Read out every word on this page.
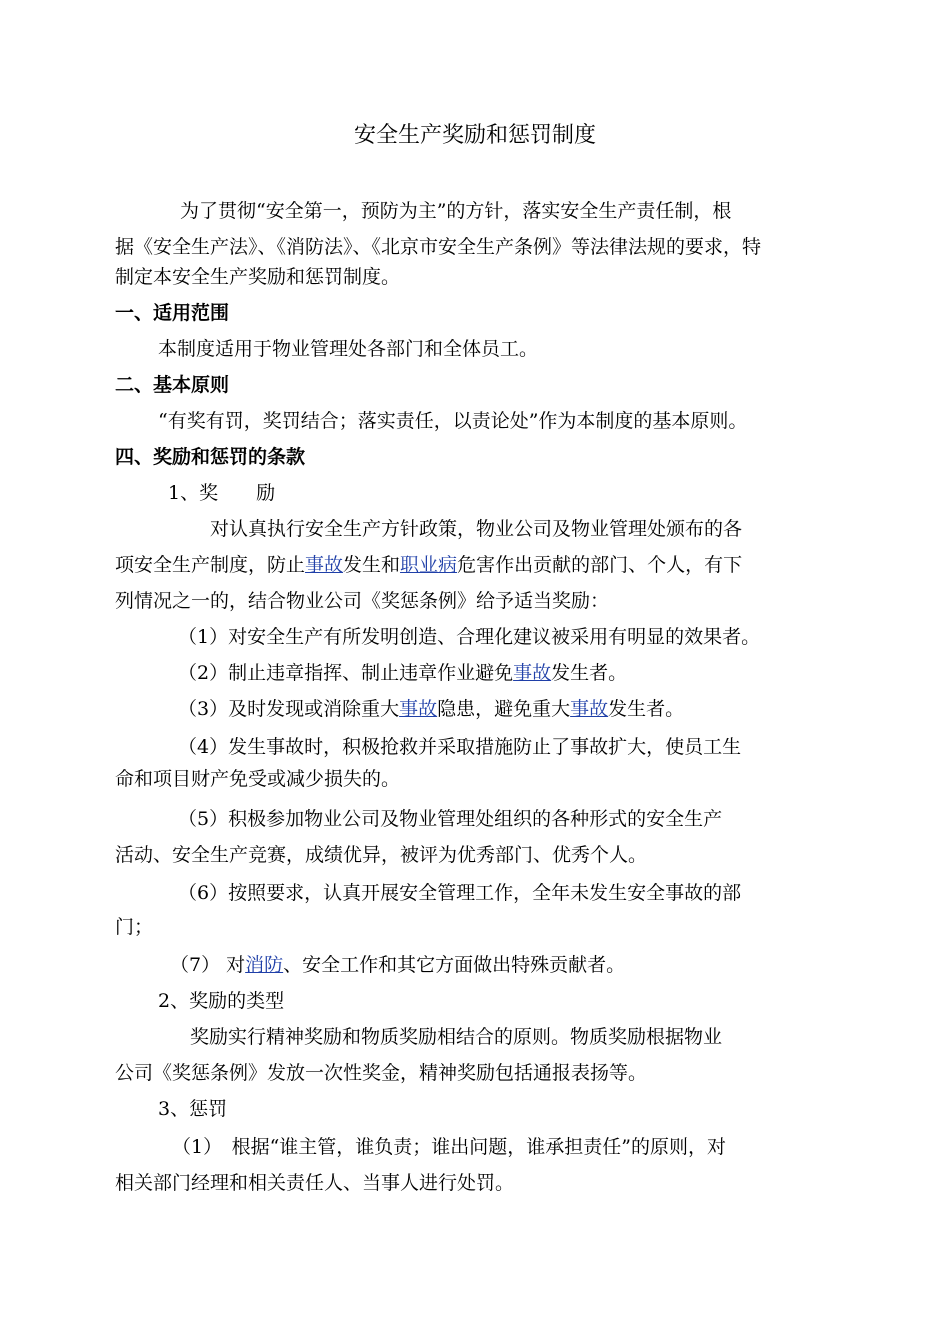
安全生产奖励和惩罚制度
为了贯彻“安全第一，预防为主”的方针，落实安全生产责任制，根
据《安全生产法》、《消防法》、《北京市安全生产条例》等法律法规的要求，特
制定本安全生产奖励和惩罚制度。
一、适用范围
本制度适用于物业管理处各部门和全体员工。
二、基本原则
“有奖有罚，奖罚结合；落实责任，以责论处”作为本制度的基本原则。
四、奖励和惩罚的条款
1、奖　　励
对认真执行安全生产方针政策，物业公司及物业管理处颁布的各
项安全生产制度，防止事故发生和职业病危害作出贡献的部门、个人，有下
列情况之一的，结合物业公司《奖惩条例》给予适当奖励：
（1）对安全生产有所发明创造、合理化建议被采用有明显的效果者。
（2）制止违章指挥、制止违章作业避免事故发生者。
（3）及时发现或消除重大事故隐患，避免重大事故发生者。
（4）发生事故时，积极抢救并采取措施防止了事故扩大，使员工生
命和项目财产免受或减少损失的。
（5）积极参加物业公司及物业管理处组织的各种形式的安全生产
活动、安全生产竞赛，成绩优异，被评为优秀部门、优秀个人。
（6）按照要求，认真开展安全管理工作，全年未发生安全事故的部
门；
（7） 对消防、安全工作和其它方面做出特殊贡献者。
2、奖励的类型
奖励实行精神奖励和物质奖励相结合的原则。物质奖励根据物业
公司《奖惩条例》发放一次性奖金，精神奖励包括通报表扬等。
3、惩罚
（1）　根据“谁主管，谁负责；谁出问题，谁承担责任”的原则，对
相关部门经理和相关责任人、当事人进行处罚。
